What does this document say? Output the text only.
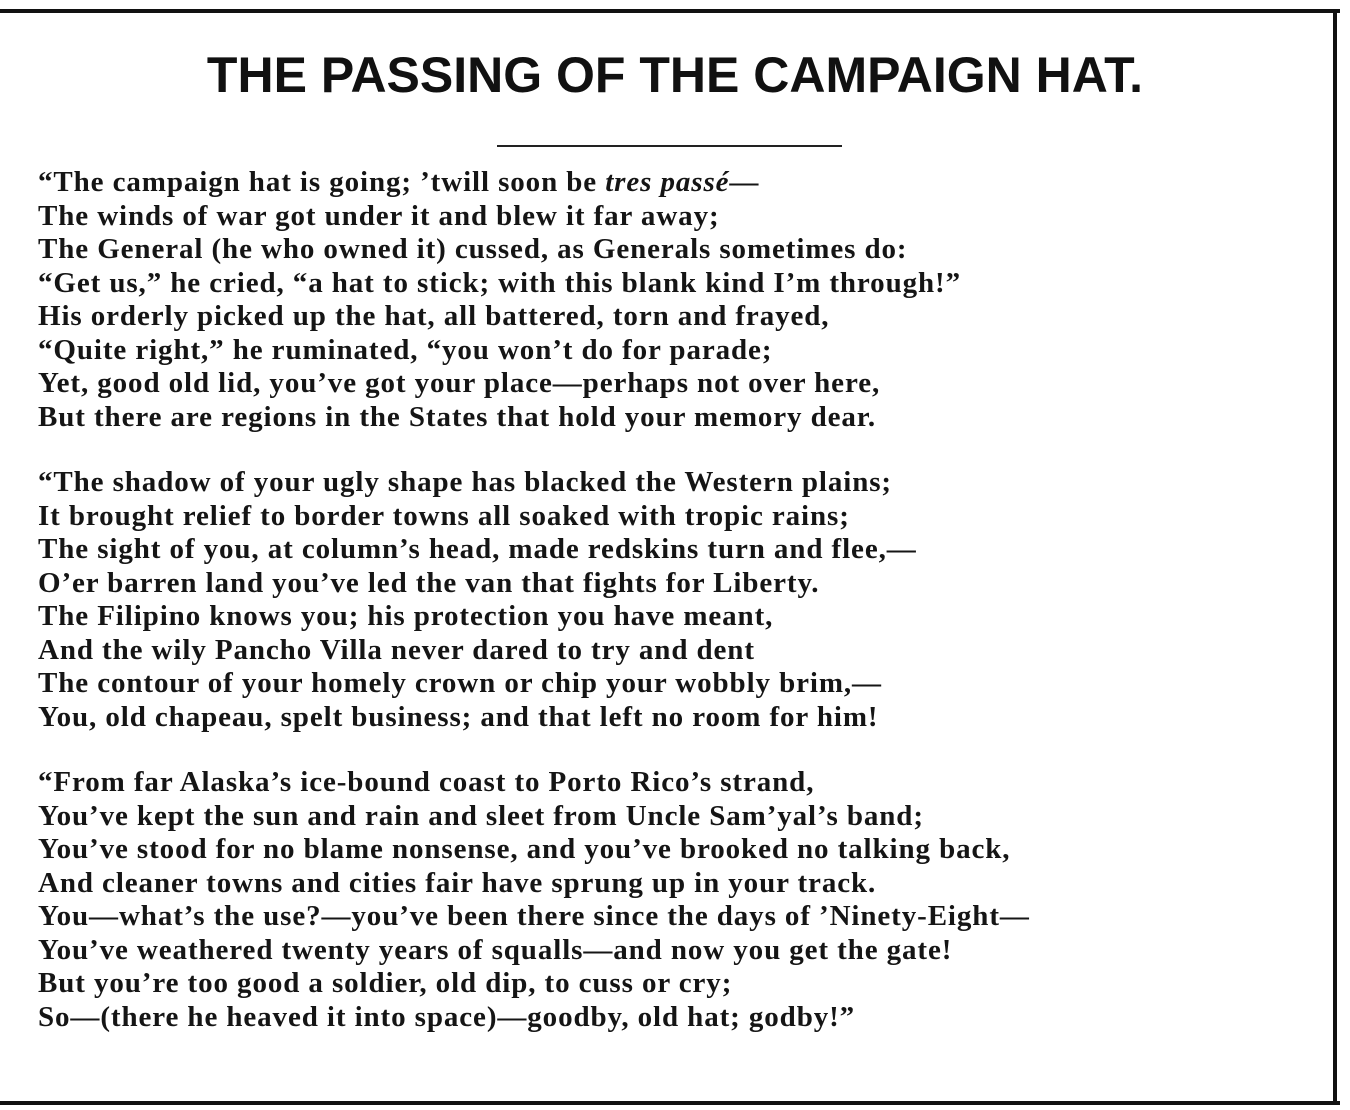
THE PASSING OF THE CAMPAIGN HAT.
“The campaign hat is going; ’twill soon be tres passé—
The winds of war got under it and blew it far away;
The General (he who owned it) cussed, as Generals sometimes do:
“Get us,” he cried, “a hat to stick; with this blank kind I’m through!”
His orderly picked up the hat, all battered, torn and frayed,
“Quite right,” he ruminated, “you won’t do for parade;
Yet, good old lid, you’ve got your place—perhaps not over here,
But there are regions in the States that hold your memory dear.
“The shadow of your ugly shape has blacked the Western plains;
It brought relief to border towns all soaked with tropic rains;
The sight of you, at column’s head, made redskins turn and flee,—
O’er barren land you’ve led the van that fights for Liberty.
The Filipino knows you; his protection you have meant,
And the wily Pancho Villa never dared to try and dent
The contour of your homely crown or chip your wobbly brim,—
You, old chapeau, spelt business; and that left no room for him!
“From far Alaska’s ice-bound coast to Porto Rico’s strand,
You’ve kept the sun and rain and sleet from Uncle Sam’yal’s band;
You’ve stood for no blame nonsense, and you’ve brooked no talking back,
And cleaner towns and cities fair have sprung up in your track.
You—what’s the use?—you’ve been there since the days of ’Ninety-Eight—
You’ve weathered twenty years of squalls—and now you get the gate!
But you’re too good a soldier, old dip, to cuss or cry;
So—(there he heaved it into space)—goodby, old hat; godby!”
